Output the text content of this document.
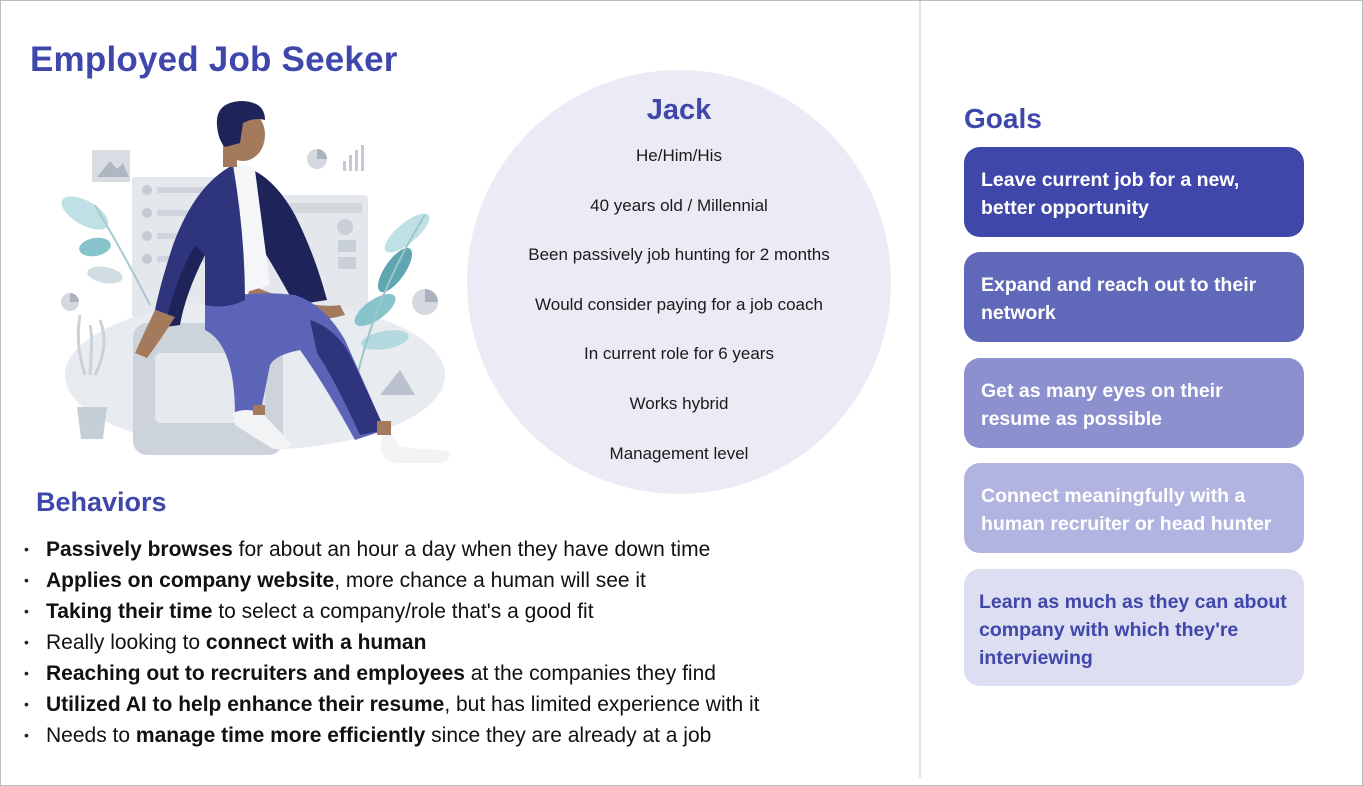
Employed Job Seeker
Jack
He/Him/His
40 years old / Millennial
Been passively job hunting for 2 months
Would consider paying for a job coach
In current role for 6 years
Works hybrid
Management level
Behaviors
• Passively browses for about an hour a day when they have down time
• Applies on company website, more chance a human will see it
• Taking their time to select a company/role that's a good fit
• Really looking to connect with a human
• Reaching out to recruiters and employees at the companies they find
• Utilized AI to help enhance their resume, but has limited experience with it
• Needs to manage time more efficiently since they are already at a job
Goals
Leave current job for a new, better opportunity
Expand and reach out to their network
Get as many eyes on their resume as possible
Connect meaningfully with a human recruiter or head hunter
Learn as much as they can about company with which they're interviewing
